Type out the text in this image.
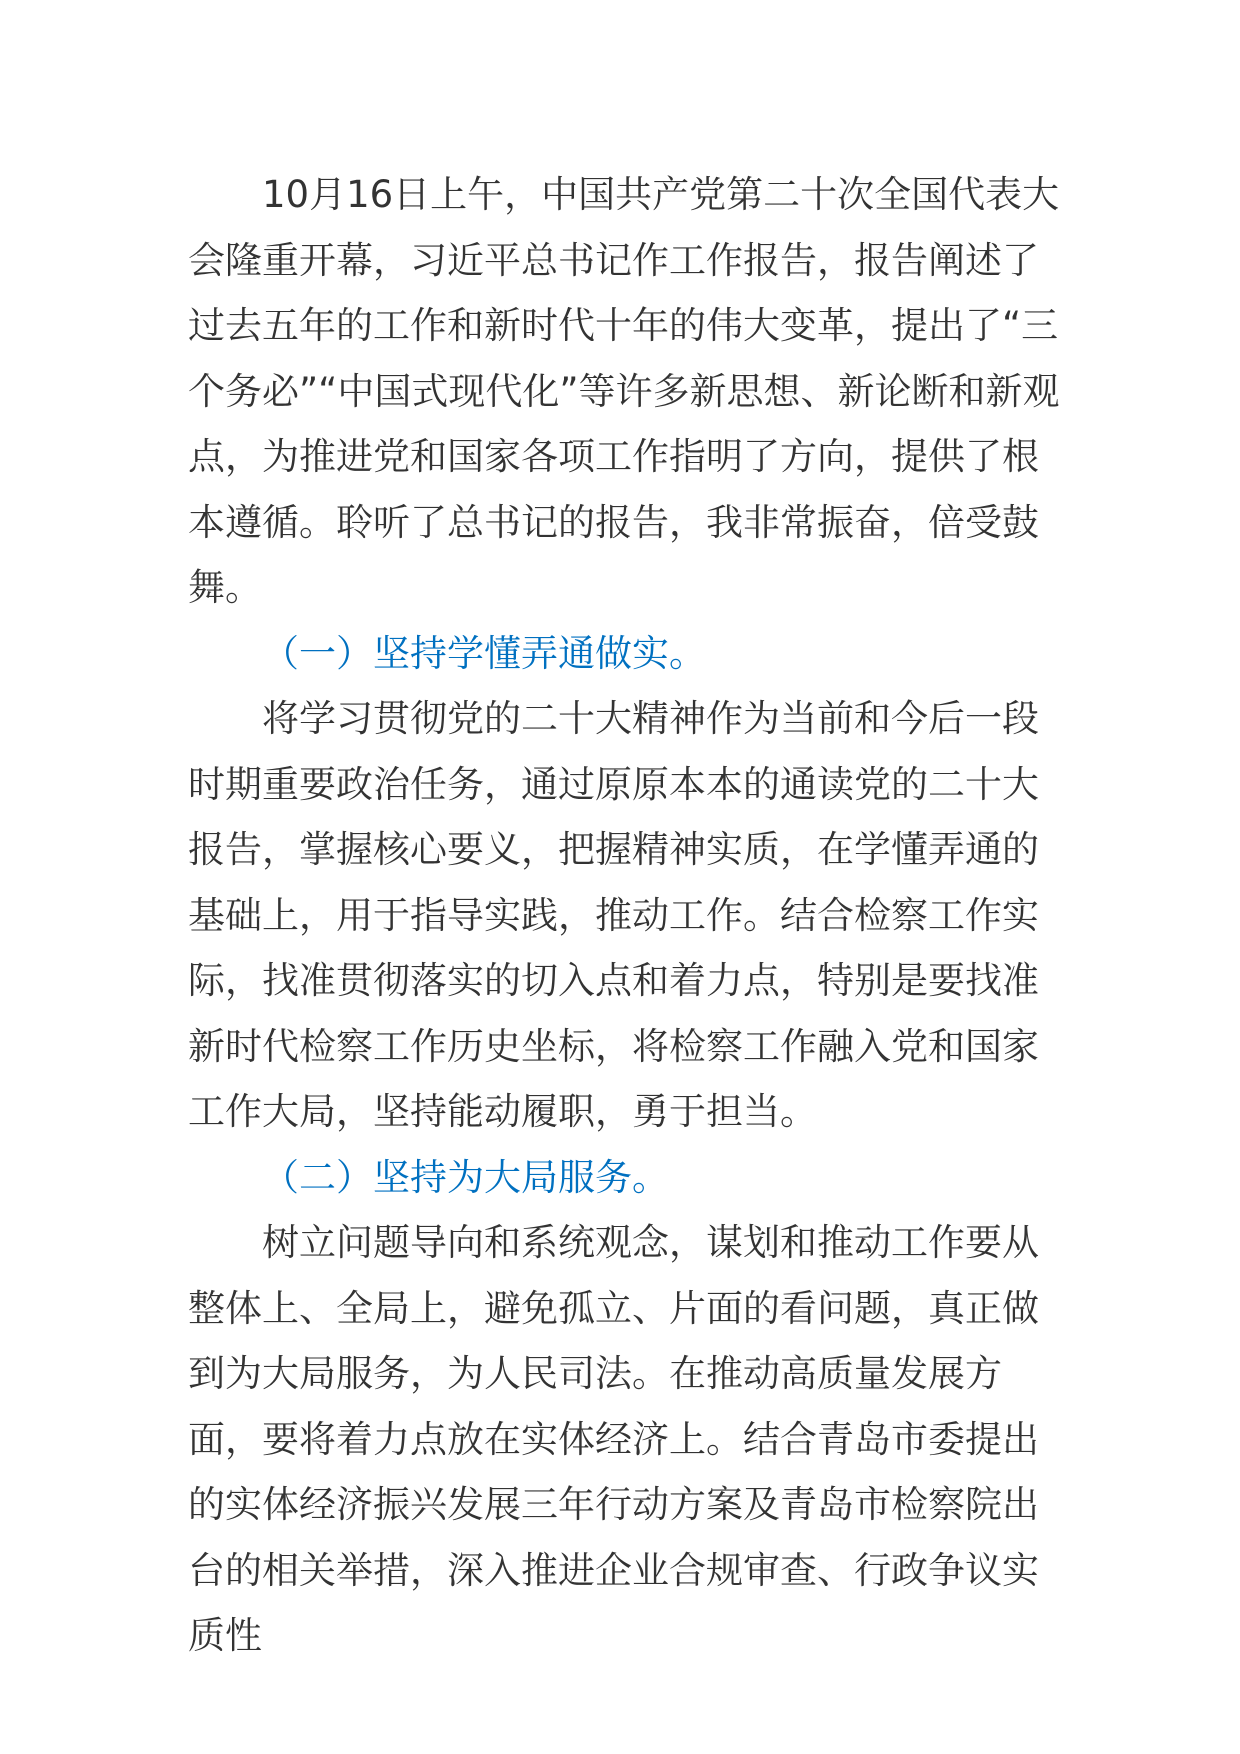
10月16日上午，中国共产党第二十次全国代表大会隆重开幕，习近平总书记作工作报告，报告阐述了过去五年的工作和新时代十年的伟大变革，提出了“三个务必”“中国式现代化”等许多新思想、新论断和新观点，为推进党和国家各项工作指明了方向，提供了根本遵循。聆听了总书记的报告，我非常振奋，倍受鼓舞。

（一）坚持学懂弄通做实。

将学习贯彻党的二十大精神作为当前和今后一段时期重要政治任务，通过原原本本的通读党的二十大报告，掌握核心要义，把握精神实质，在学懂弄通的基础上，用于指导实践，推动工作。结合检察工作实际，找准贯彻落实的切入点和着力点，特别是要找准新时代检察工作历史坐标，将检察工作融入党和国家工作大局，坚持能动履职，勇于担当。

（二）坚持为大局服务。

树立问题导向和系统观念，谋划和推动工作要从整体上、全局上，避免孤立、片面的看问题，真正做到为大局服务，为人民司法。在推动高质量发展方面，要将着力点放在实体经济上。结合青岛市委提出的实体经济振兴发展三年行动方案及青岛市检察院出台的相关举措，深入推进企业合规审查、行政争议实质性
